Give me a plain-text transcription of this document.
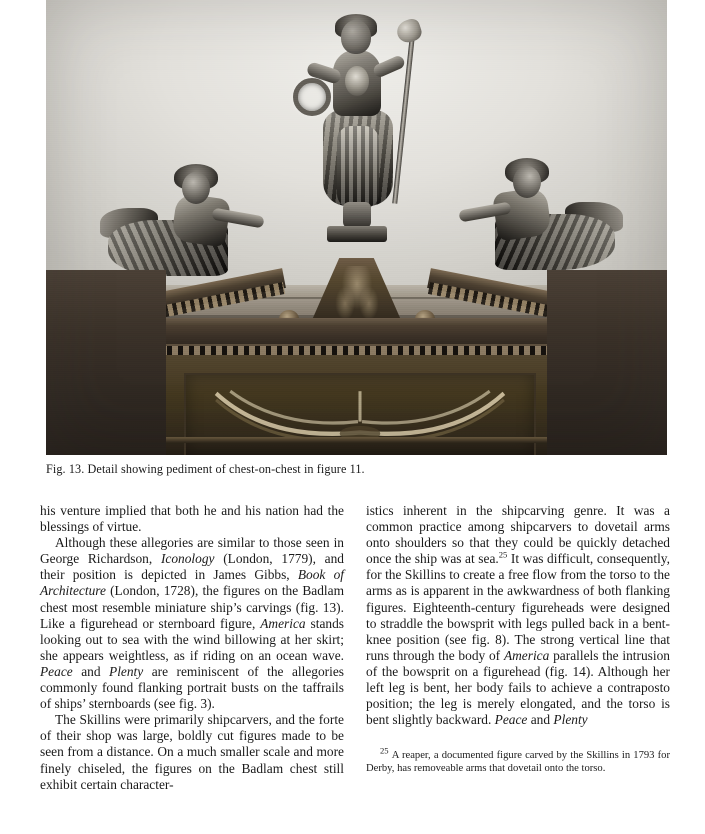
Fig. 13. Detail showing pediment of chest-on-chest in figure 11.

his venture implied that both he and his nation had the blessings of virtue.

Although these allegories are similar to those seen in George Richardson, Iconology (London, 1779), and their position is depicted in James Gibbs, Book of Architecture (London, 1728), the figures on the Badlam chest most resemble miniature ship’s carvings (fig. 13). Like a figurehead or sternboard figure, America stands looking out to sea with the wind billowing at her skirt; she appears weightless, as if riding on an ocean wave. Peace and Plenty are reminiscent of the allegories commonly found flanking portrait busts on the taffrails of ships’ sternboards (see fig. 3).

The Skillins were primarily shipcarvers, and the forte of their shop was large, boldly cut figures made to be seen from a distance. On a much smaller scale and more finely chiseled, the figures on the Badlam chest still exhibit certain character-

istics inherent in the shipcarving genre. It was a common practice among shipcarvers to dovetail arms onto shoulders so that they could be quickly detached once the ship was at sea.$^{25}$ It was difficult, consequently, for the Skillins to create a free flow from the torso to the arms as is apparent in the awkwardness of both flanking figures. Eighteenth-century figureheads were designed to straddle the bowsprit with legs pulled back in a bent-knee position (see fig. 8). The strong vertical line that runs through the body of America parallels the intrusion of the bowsprit on a figurehead (fig. 14). Although her left leg is bent, her body fails to achieve a contraposto position; the leg is merely elongated, and the torso is bent slightly backward. Peace and Plenty

$^{25}$ A reaper, a documented figure carved by the Skillins in 1793 for Derby, has removeable arms that dovetail onto the torso.
